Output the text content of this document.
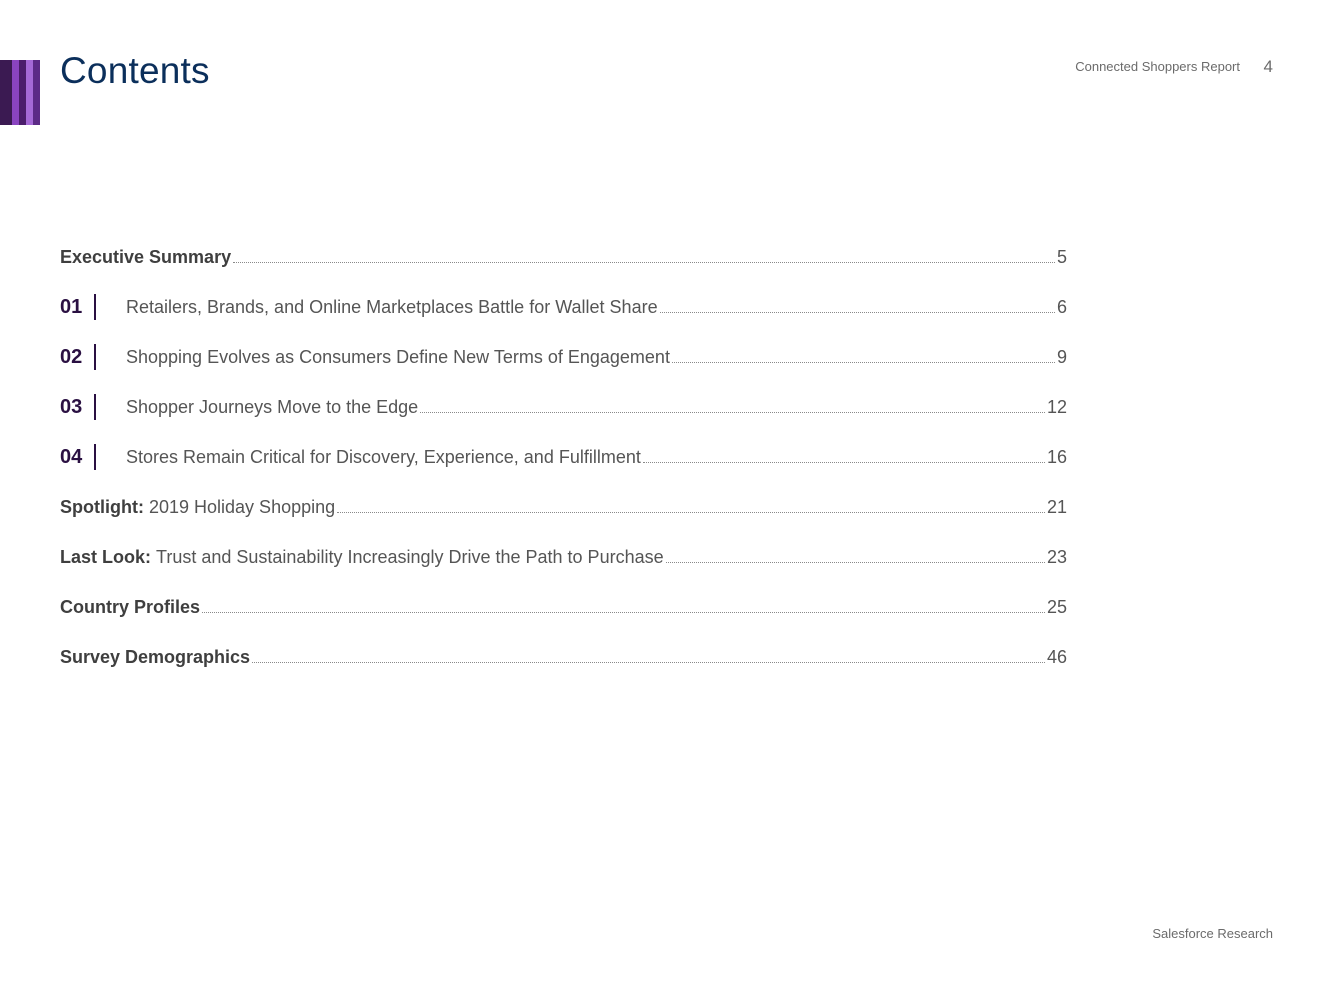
Contents	Connected Shoppers Report 4
Executive Summary	5
01 Retailers, Brands, and Online Marketplaces Battle for Wallet Share	6
02 Shopping Evolves as Consumers Define New Terms of Engagement	9
03 Shopper Journeys Move to the Edge	12
04 Stores Remain Critical for Discovery, Experience, and Fulfillment	16
Spotlight: 2019 Holiday Shopping	21
Last Look: Trust and Sustainability Increasingly Drive the Path to Purchase	23
Country Profiles	25
Survey Demographics	46
Salesforce Research
